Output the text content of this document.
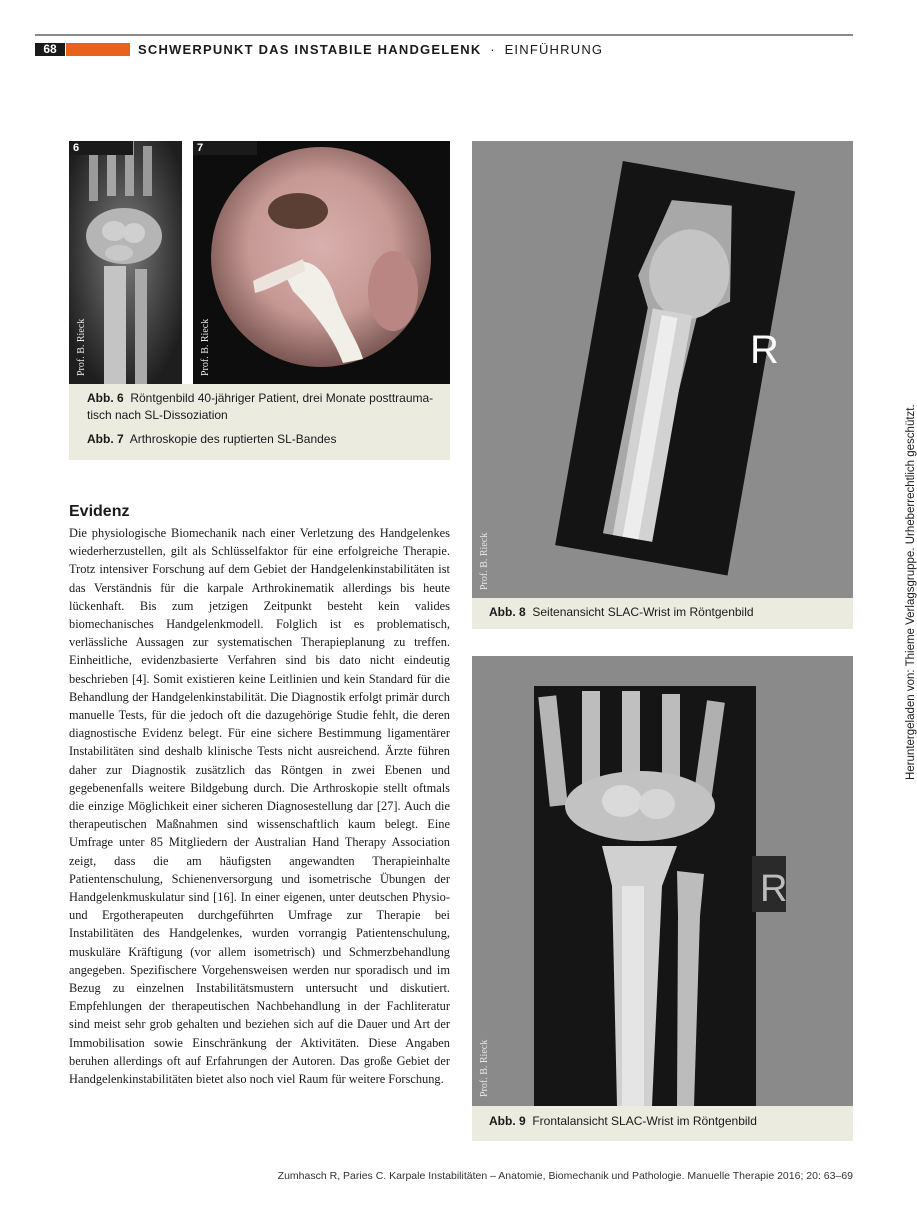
68	SCHWERPUNKT DAS INSTABILE HANDGELENK · EINFÜHRUNG
6
Prof. B. Rieck
7
Prof. B. Rieck
Abb. 6 Röntgenbild 40-jähriger Patient, drei Monate posttrauma-tisch nach SL-Dissoziation
Abb. 7 Arthroskopie des ruptierten SL-Bandes
R
Prof. B. Rieck
Abb. 8 Seitenansicht SLAC-Wrist im Röntgenbild
R
Prof. B. Rieck
Abb. 9 Frontalansicht SLAC-Wrist im Röntgenbild
Evidenz
Die physiologische Biomechanik nach einer Verletzung des Handgelenkes wiederherzustellen, gilt als Schlüsselfaktor für eine erfolgreiche Therapie. Trotz intensiver Forschung auf dem Gebiet der Handgelenkinstabilitäten ist das Verständnis für die karpale Arthrokinematik allerdings bis heute lückenhaft. Bis zum jetzigen Zeitpunkt besteht kein valides biomechanisches Handgelenkmodell. Folglich ist es problematisch, verlässliche Aussagen zur systematischen Therapieplanung zu treffen. Einheitliche, evidenzbasierte Verfahren sind bis dato nicht eindeutig beschrieben [4]. Somit existieren keine Leitlinien und kein Standard für die Behandlung der Handgelenkinstabilität. Die Diagnostik erfolgt primär durch manuelle Tests, für die jedoch oft die dazugehörige Studie fehlt, die deren diagnostische Evidenz belegt. Für eine sichere Bestimmung ligamentärer Instabilitäten sind deshalb klinische Tests nicht ausreichend. Ärzte führen daher zur Diagnostik zusätzlich das Röntgen in zwei Ebenen und gegebenenfalls weitere Bildgebung durch. Die Arthroskopie stellt oftmals die einzige Möglichkeit einer sicheren Diagnosestellung dar [27]. Auch die therapeutischen Maßnahmen sind wissenschaftlich kaum belegt. Eine Umfrage unter 85 Mitgliedern der Australian Hand Therapy Association zeigt, dass die am häufigsten angewandten Therapieinhalte Patientenschulung, Schienenversorgung und isometrische Übungen der Handgelenkmuskulatur sind [16]. In einer eigenen, unter deutschen Physio- und Ergotherapeuten durchgeführten Umfrage zur Therapie bei Instabilitäten des Handgelenkes, wurden vorrangig Patientenschulung, muskuläre Kräftigung (vor allem isometrisch) und Schmerzbehandlung angegeben. Spezifischere Vorgehensweisen werden nur sporadisch und im Bezug zu einzelnen Instabilitätsmustern untersucht und diskutiert. Empfehlungen der therapeutischen Nachbehandlung in der Fachliteratur sind meist sehr grob gehalten und beziehen sich auf die Dauer und Art der Immobilisation sowie Einschränkung der Aktivitäten. Diese Angaben beruhen allerdings oft auf Erfahrungen der Autoren. Das große Gebiet der Handgelenkinstabilitäten bietet also noch viel Raum für weitere Forschung.
Heruntergeladen von: Thieme Verlagsgruppe. Urheberrechtlich geschützt.
Zumhasch R, Paries C. Karpale Instabilitäten – Anatomie, Biomechanik und Pathologie. Manuelle Therapie 2016; 20: 63–69
